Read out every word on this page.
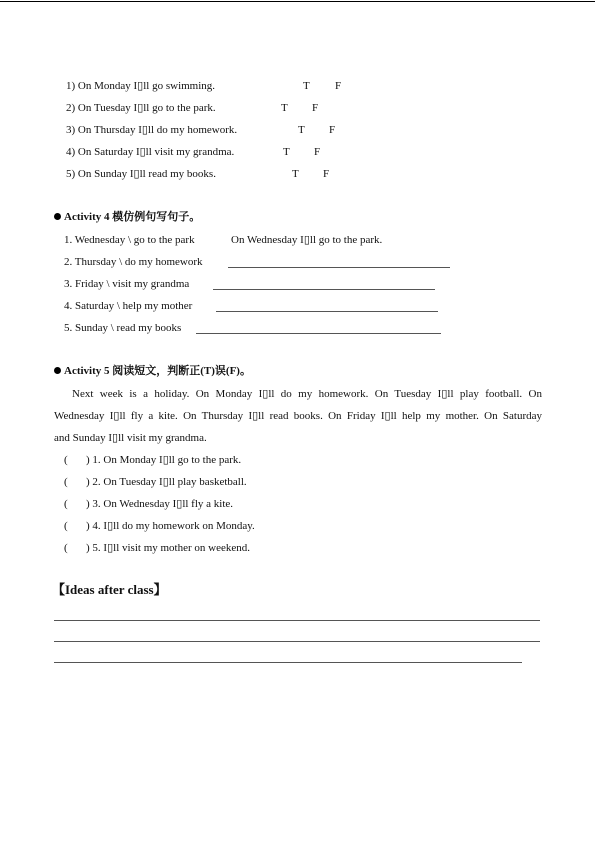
1) On Monday I▯ll go swimming.	T F
2) On Tuesday I▯ll go to the park.	T F
3) On Thursday I▯ll do my homework.	T F
4) On Saturday I▯ll visit my grandma.	T F
5) On Sunday I▯ll read my books.	T F
Activity 4 模仿例句写句子。
1. Wednesday \ go to the park	On Wednesday I▯ll go to the park.
2. Thursday \ do my homework
3. Friday \ visit my grandma
4. Saturday \ help my mother
5. Sunday \ read my books
Activity 5 阅读短文，判断正(T)误(F)。
Next week is a holiday. On Monday I▯ll do my homework. On Tuesday I▯ll play football. On
Wednesday I▯ll fly a kite. On Thursday I▯ll read books. On Friday I▯ll help my mother. On Saturday
and Sunday I▯ll visit my grandma.
( ) 1. On Monday I▯ll go to the park.
( ) 2. On Tuesday I▯ll play basketball.
( ) 3. On Wednesday I▯ll fly a kite.
( ) 4. I▯ll do my homework on Monday.
( ) 5. I▯ll visit my mother on weekend.
【Ideas after class】
